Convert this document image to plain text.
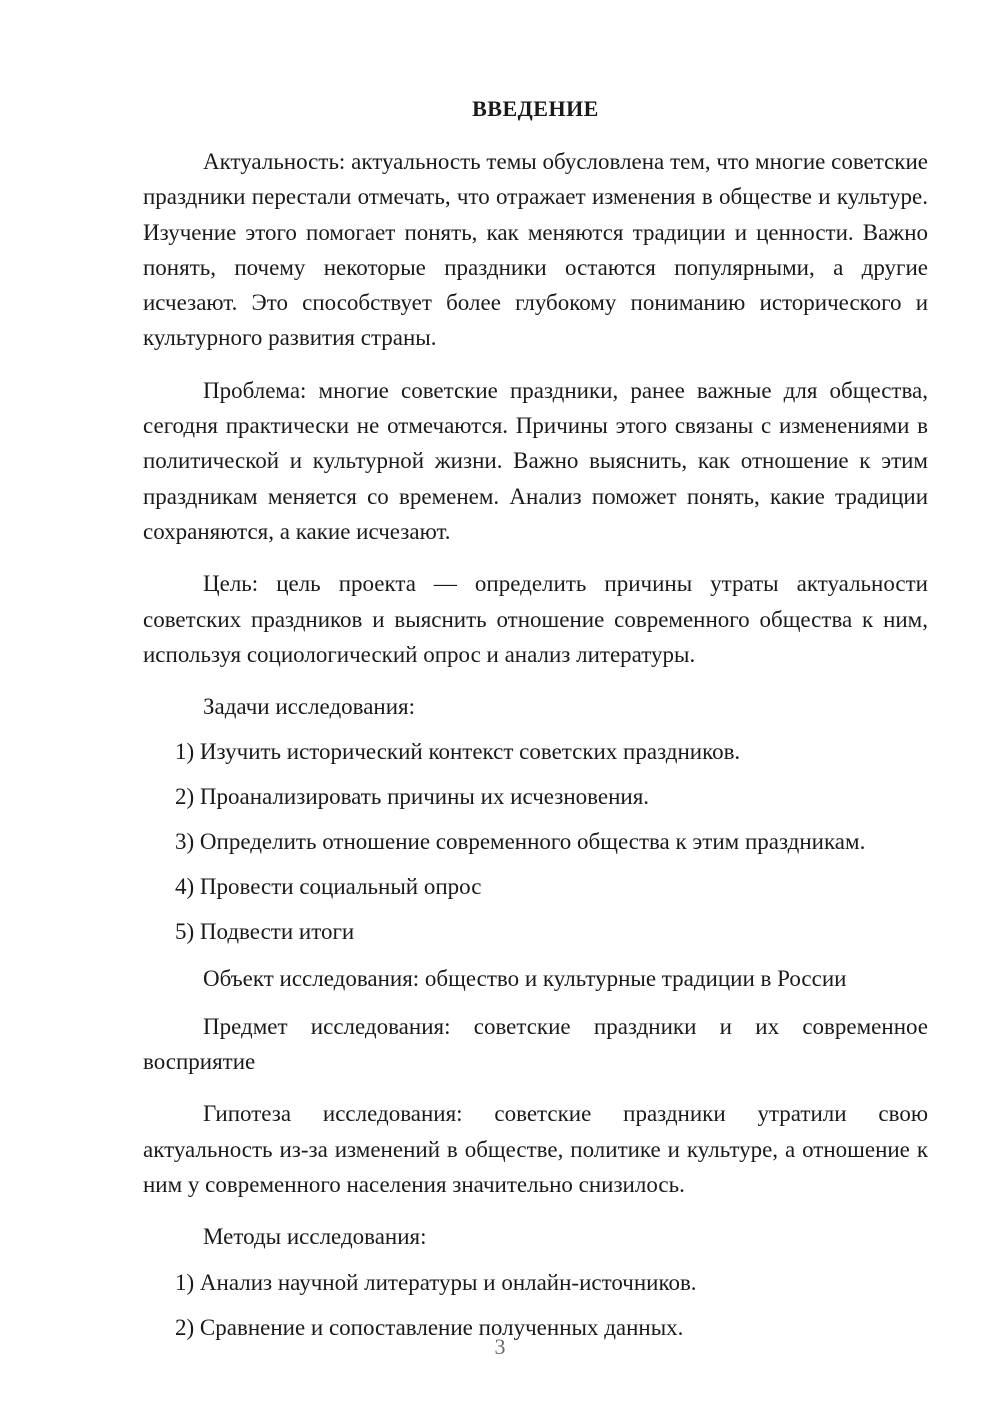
ВВЕДЕНИЕ

Актуальность: актуальность темы обусловлена тем, что многие советские праздники перестали отмечать, что отражает изменения в обществе и культуре. Изучение этого помогает понять, как меняются традиции и ценности. Важно понять, почему некоторые праздники остаются популярными, а другие исчезают. Это способствует более глубокому пониманию исторического и культурного развития страны.

Проблема: многие советские праздники, ранее важные для общества, сегодня практически не отмечаются. Причины этого связаны с изменениями в политической и культурной жизни. Важно выяснить, как отношение к этим праздникам меняется со временем. Анализ поможет понять, какие традиции сохраняются, а какие исчезают.

Цель: цель проекта — определить причины утраты актуальности советских праздников и выяснить отношение современного общества к ним, используя социологический опрос и анализ литературы.

Задачи исследования:

1) Изучить исторический контекст советских праздников.
2) Проанализировать причины их исчезновения.
3) Определить отношение современного общества к этим праздникам.
4) Провести социальный опрос
5) Подвести итоги

Объект исследования: общество и культурные традиции в России

Предмет исследования: советские праздники и их современное восприятие

Гипотеза исследования: советские праздники утратили свою актуальность из-за изменений в обществе, политике и культуре, а отношение к ним у современного населения значительно снизилось.

Методы исследования:

1) Анализ научной литературы и онлайн-источников.
2) Сравнение и сопоставление полученных данных.
3
